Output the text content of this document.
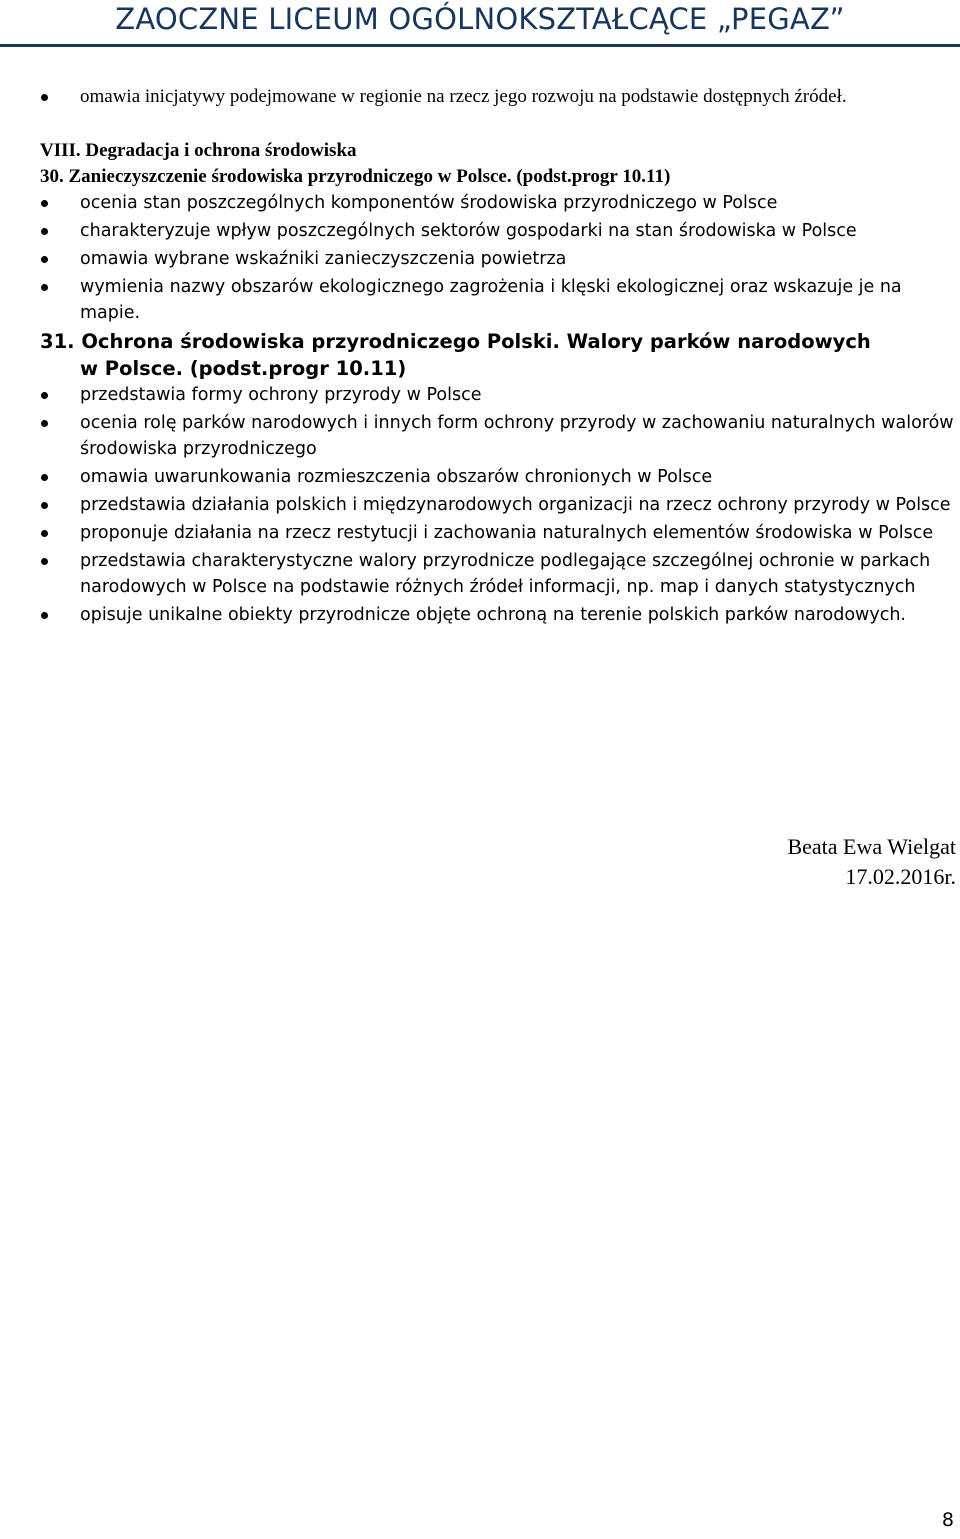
ZAOCZNE LICEUM OGÓLNOKSZTAŁCĄCE „PEGAZ”
omawia inicjatywy podejmowane w regionie na rzecz jego rozwoju na podstawie dostępnych źródeł.

VIII. Degradacja i ochrona środowiska

30. Zanieczyszczenie środowiska przyrodniczego w Polsce. (podst.progr 10.11)

ocenia stan poszczególnych komponentów środowiska przyrodniczego w Polsce
charakteryzuje wpływ poszczególnych sektorów gospodarki na stan środowiska w Polsce
omawia wybrane wskaźniki zanieczyszczenia powietrza
wymienia nazwy obszarów ekologicznego zagrożenia i klęski ekologicznej oraz wskazuje je na mapie.

31. Ochrona środowiska przyrodniczego Polski. Walory parków narodowych
w Polsce. (podst.progr 10.11)

przedstawia formy ochrony przyrody w Polsce
ocenia rolę parków narodowych i innych form ochrony przyrody w zachowaniu naturalnych walorów środowiska przyrodniczego
omawia uwarunkowania rozmieszczenia obszarów chronionych w Polsce
przedstawia działania polskich i międzynarodowych organizacji na rzecz ochrony przyrody w Polsce
proponuje działania na rzecz restytucji i zachowania naturalnych elementów środowiska w Polsce
przedstawia charakterystyczne walory przyrodnicze podlegające szczególnej ochronie w parkach narodowych w Polsce na podstawie różnych źródeł informacji, np. map i danych statystycznych
opisuje unikalne obiekty przyrodnicze objęte ochroną na terenie polskich parków narodowych.
Beata Ewa Wielgat
17.02.2016r.
8
